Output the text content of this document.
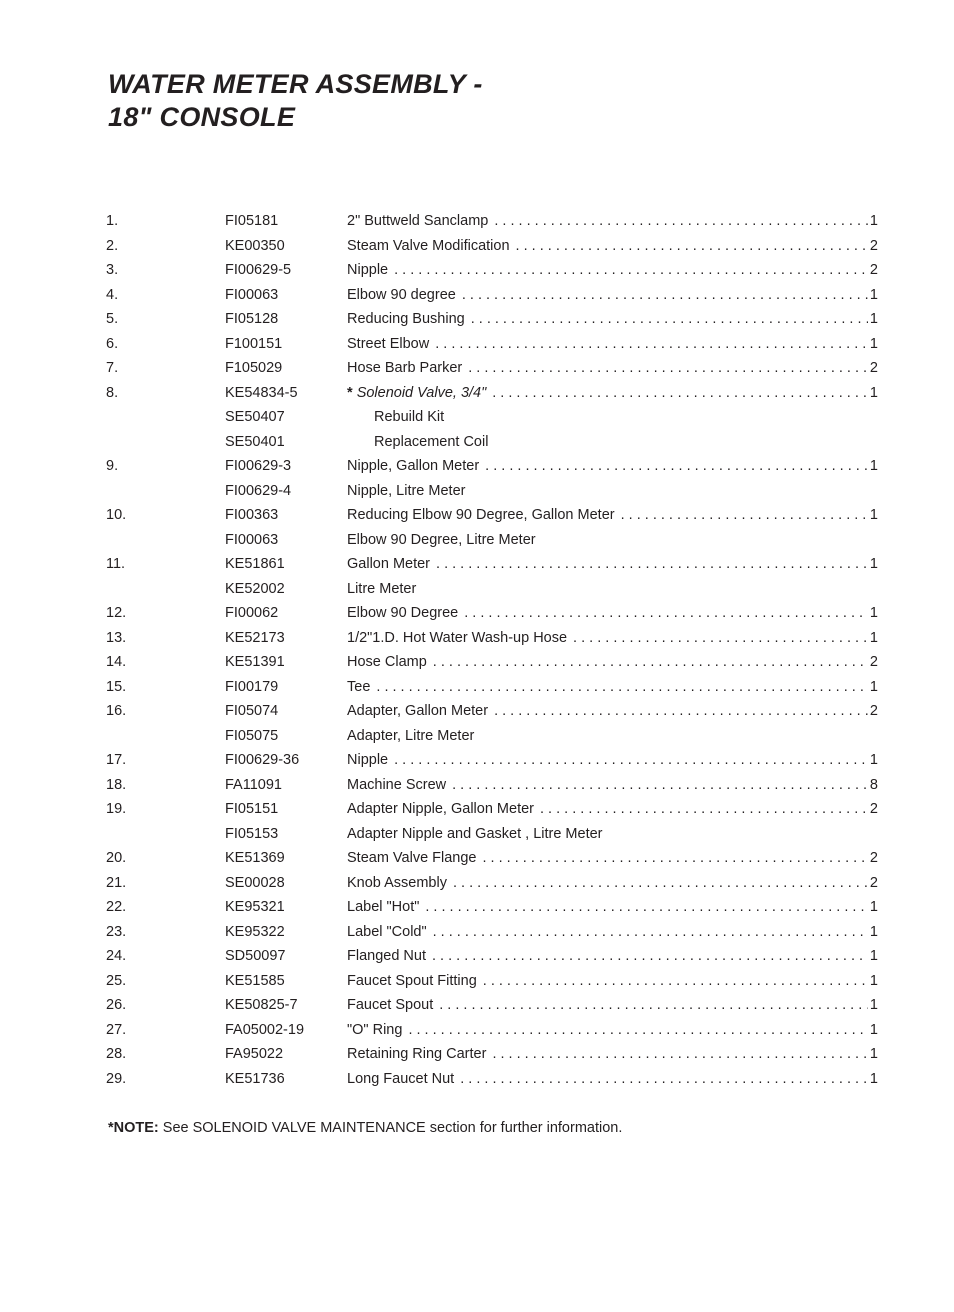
WATER METER ASSEMBLY -
18" CONSOLE
1.	FI05181	2" Buttweld Sanclamp . . .	1
2.	KE00350	Steam Valve Modification . . .	2
3.	FI00629-5	Nipple . . .	2
4.	FI00063	Elbow 90 degree . . .	1
5.	FI05128	Reducing Bushing . . .	1
6.	F100151	Street Elbow . . .	1
7.	F105029	Hose Barb Parker . . .	2
8.	KE54834-5	* Solenoid Valve, 3/4" . . .	1
SE50407	Rebuild Kit
SE50401	Replacement Coil
9.	FI00629-3	Nipple, Gallon Meter . . .	1
FI00629-4	Nipple, Litre Meter
10.	FI00363	Reducing Elbow 90 Degree, Gallon Meter . . .	1
FI00063	Elbow 90 Degree, Litre Meter
11.	KE51861	Gallon Meter . . .	1
KE52002	Litre Meter
12.	FI00062	Elbow 90 Degree . . .	1
13.	KE52173	1/2"1.D. Hot Water Wash-up Hose . . .	1
14.	KE51391	Hose Clamp . . .	2
15.	FI00179	Tee . . .	1
16.	FI05074	Adapter, Gallon Meter . . .	2
FI05075	Adapter, Litre Meter
17.	FI00629-36	Nipple . . .	1
18.	FA11091	Machine Screw . . .	8
19.	FI05151	Adapter Nipple, Gallon Meter . . .	2
FI05153	Adapter Nipple and Gasket , Litre Meter
20.	KE51369	Steam Valve Flange . . .	2
21.	SE00028	Knob Assembly . . .	2
22.	KE95321	Label "Hot" . . .	1
23.	KE95322	Label "Cold" . . .	1
24.	SD50097	Flanged Nut . . .	1
25.	KE51585	Faucet Spout Fitting . . .	1
26.	KE50825-7	Faucet Spout . . .	1
27.	FA05002-19	"O" Ring . . .	1
28.	FA95022	Retaining Ring Carter . . .	1
29.	KE51736	Long Faucet Nut . . .	1
*NOTE: See SOLENOID VALVE MAINTENANCE section for further information.
